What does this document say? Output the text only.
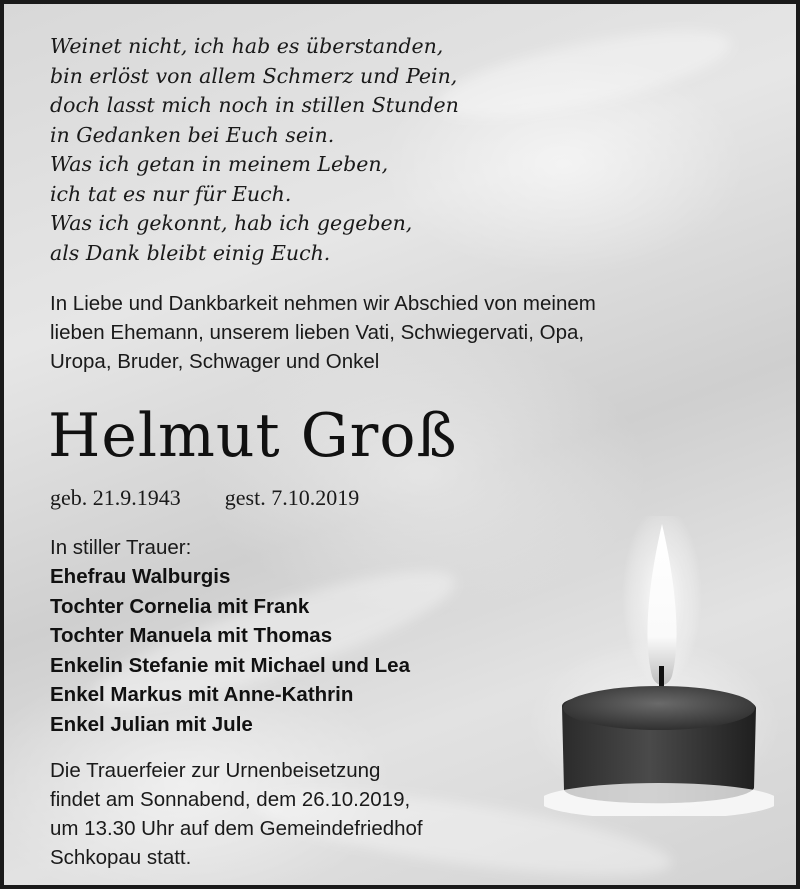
Weinet nicht, ich hab es überstanden,
bin erlöst von allem Schmerz und Pein,
doch lasst mich noch in stillen Stunden
in Gedanken bei Euch sein.
Was ich getan in meinem Leben,
ich tat es nur für Euch.
Was ich gekonnt, hab ich gegeben,
als Dank bleibt einig Euch.
In Liebe und Dankbarkeit nehmen wir Abschied von meinem
lieben Ehemann, unserem lieben Vati, Schwiegervati, Opa,
Uropa, Bruder, Schwager und Onkel
Helmut Groß
geb. 21.9.1943 gest. 7.10.2019
In stiller Trauer:
Ehefrau Walburgis
Tochter Cornelia mit Frank
Tochter Manuela mit Thomas
Enkelin Stefanie mit Michael und Lea
Enkel Markus mit Anne-Kathrin
Enkel Julian mit Jule
Die Trauerfeier zur Urnenbeisetzung
findet am Sonnabend, dem 26.10.2019,
um 13.30 Uhr auf dem Gemeindefriedhof
Schkopau statt.
